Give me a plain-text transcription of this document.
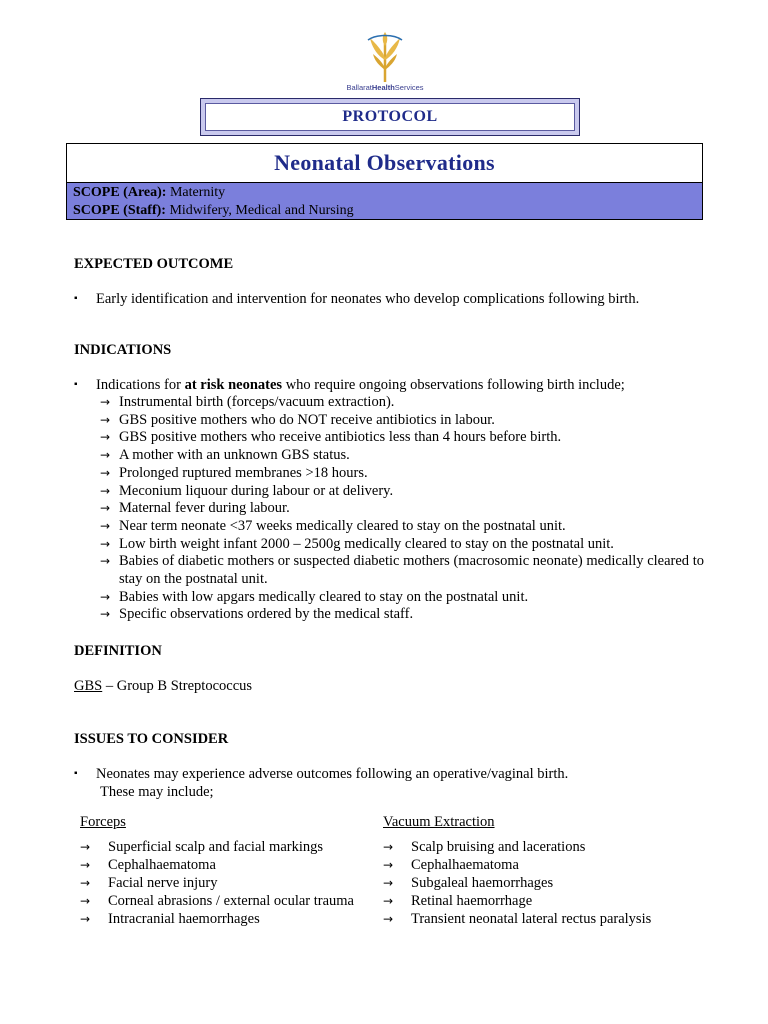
BallaratHealthServices
PROTOCOL
Neonatal Observations
SCOPE (Area): Maternity
SCOPE (Staff): Midwifery, Medical and Nursing
EXPECTED OUTCOME
▪ Early identification and intervention for neonates who develop complications following birth.
INDICATIONS
▪ Indications for at risk neonates who require ongoing observations following birth include;
→ Instrumental birth (forceps/vacuum extraction).
→ GBS positive mothers who do NOT receive antibiotics in labour.
→ GBS positive mothers who receive antibiotics less than 4 hours before birth.
→ A mother with an unknown GBS status.
→ Prolonged ruptured membranes >18 hours.
→ Meconium liquour during labour or at delivery.
→ Maternal fever during labour.
→ Near term neonate <37 weeks medically cleared to stay on the postnatal unit.
→ Low birth weight infant 2000 – 2500g medically cleared to stay on the postnatal unit.
→ Babies of diabetic mothers or suspected diabetic mothers (macrosomic neonate) medically cleared to stay on the postnatal unit.
→ Babies with low apgars medically cleared to stay on the postnatal unit.
→ Specific observations ordered by the medical staff.
DEFINITION

GBS – Group B Streptococcus

ISSUES TO CONSIDER
▪ Neonates may experience adverse outcomes following an operative/vaginal birth.
These may include;
Forceps
→ Superficial scalp and facial markings
→ Cephalhaematoma
→ Facial nerve injury
→ Corneal abrasions / external ocular trauma
→ Intracranial haemorrhages
Vacuum Extraction
→ Scalp bruising and lacerations
→ Cephalhaematoma
→ Subgaleal haemorrhages
→ Retinal haemorrhage
→ Transient neonatal lateral rectus paralysis
